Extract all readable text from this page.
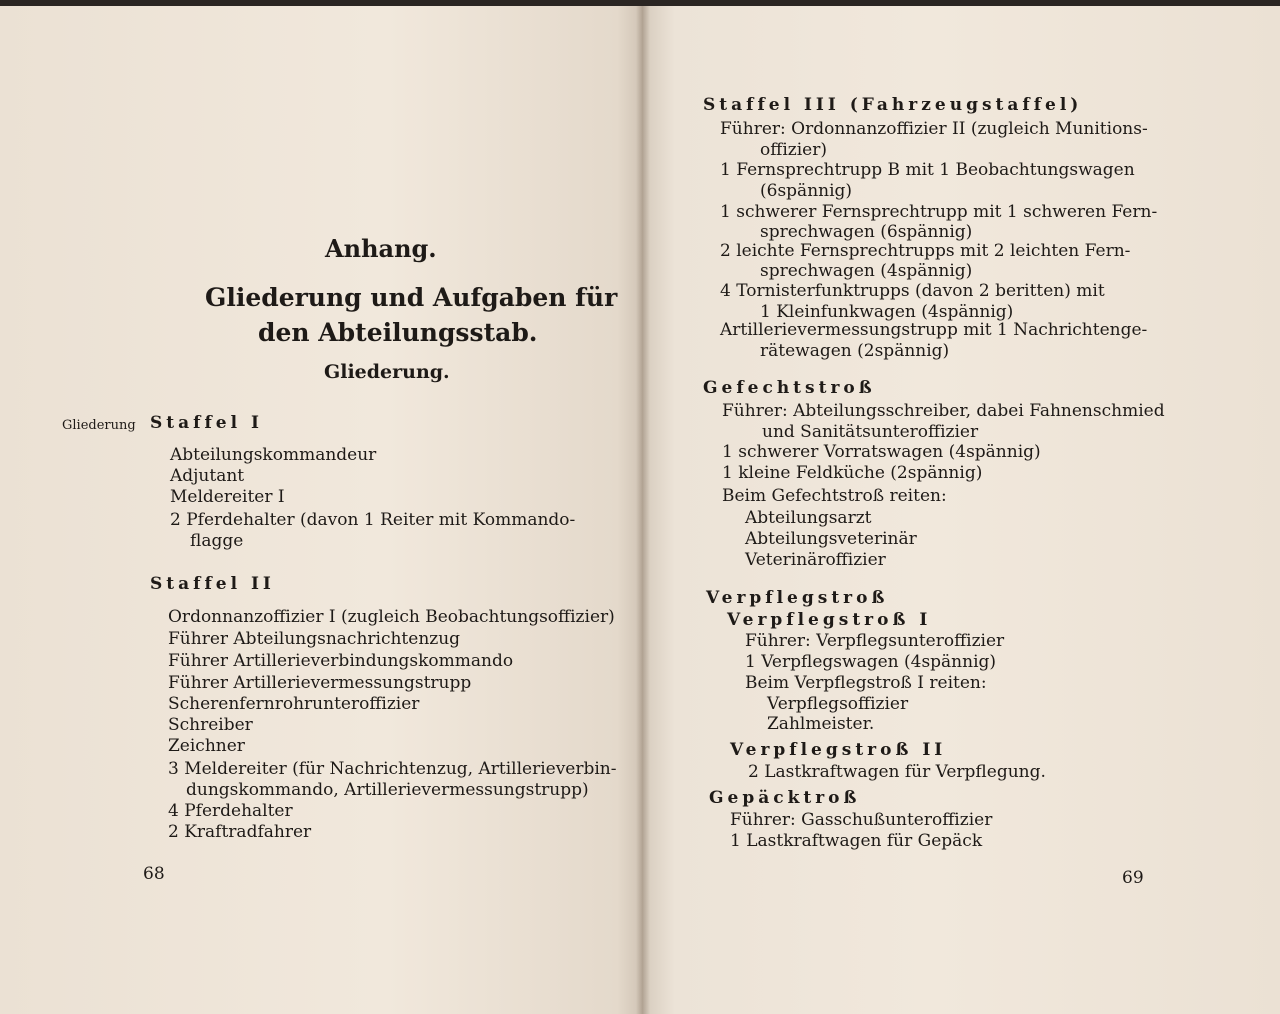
Anhang.
Gliederung und Aufgaben für
den Abteilungsstab.
Gliederung.
Gliederung Staffel I
Abteilungskommandeur
Adjutant
Meldereiter I
2 Pferdehalter (davon 1 Reiter mit Kommando-
flagge
Staffel II
Ordonnanzoffizier I (zugleich Beobachtungsoffizier)
Führer Abteilungsnachrichtenzug
Führer Artillerieverbindungskommando
Führer Artillerievermessungstrupp
Scherenfernrohrunteroffizier
Schreiber
Zeichner
3 Meldereiter (für Nachrichtenzug, Artillerieverbin-
dungskommando, Artillerievermessungstrupp)
4 Pferdehalter
2 Kraftradfahrer
68
Staffel III (Fahrzeugstaffel)
Führer: Ordonnanzoffizier II (zugleich Munitions-
offizier)
1 Fernsprechtrupp B mit 1 Beobachtungswagen
(6spännig)
1 schwerer Fernsprechtrupp mit 1 schweren Fern-
sprechwagen (6spännig)
2 leichte Fernsprechtrupps mit 2 leichten Fern-
sprechwagen (4spännig)
4 Tornisterfunktrupps (davon 2 beritten) mit
1 Kleinfunkwagen (4spännig)
Artillerievermessungstrupp mit 1 Nachrichtenge-
rätewagen (2spännig)
Gefechtstroß
Führer: Abteilungsschreiber, dabei Fahnenschmied
und Sanitätsunteroffizier
1 schwerer Vorratswagen (4spännig)
1 kleine Feldküche (2spännig)
Beim Gefechtstroß reiten:
Abteilungsarzt
Abteilungsveterinär
Veterinäroffizier
Verpflegstroß
Verpflegstroß I
Führer: Verpflegsunteroffizier
1 Verpflegswagen (4spännig)
Beim Verpflegstroß I reiten:
Verpflegsoffizier
Zahlmeister.
Verpflegstroß II
2 Lastkraftwagen für Verpflegung.
Gepäcktroß
Führer: Gasschußunteroffizier
1 Lastkraftwagen für Gepäck
69
